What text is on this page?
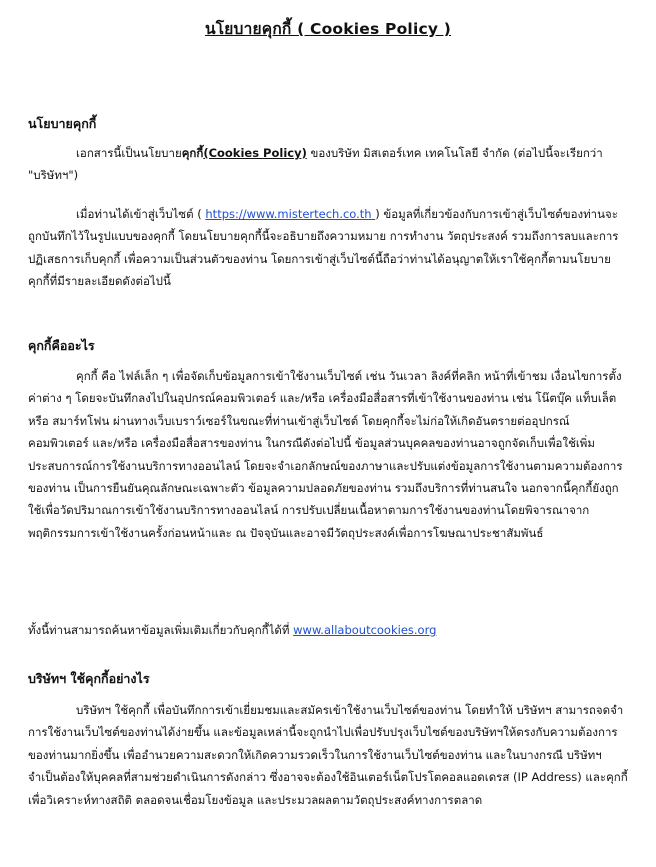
นโยบายคุกกี้ ( Cookies Policy )
นโยบายคุกกี้
เอกสารนี้เป็นนโยบายคุกกี้(Cookies Policy) ของบริษัท มิสเตอร์เทค เทคโนโลยี จำกัด (ต่อไปนี้จะเรียกว่า "บริษัทฯ")
เมื่อท่านได้เข้าสู่เว็บไซต์ ( https://www.mistertech.co.th ) ข้อมูลที่เกี่ยวข้องกับการเข้าสู่เว็บไซต์ของท่านจะถูกบันทึกไว้ในรูปแบบของคุกกี้ โดยนโยบายคุกกี้นี้จะอธิบายถึงความหมาย การทำงาน วัตถุประสงค์ รวมถึงการลบและการปฏิเสธการเก็บคุกกี้ เพื่อความเป็นส่วนตัวของท่าน โดยการเข้าสู่เว็บไซต์นี้ถือว่าท่านได้อนุญาตให้เราใช้คุกกี้ตามนโยบายคุกกี้ที่มีรายละเอียดดังต่อไปนี้
คุกกี้คืออะไร
คุกกี้ คือ ไฟล์เล็ก ๆ เพื่อจัดเก็บข้อมูลการเข้าใช้งานเว็บไซต์ เช่น วันเวลา ลิงค์ที่คลิก หน้าที่เข้าชม เงื่อนไขการตั้งค่าต่าง ๆ โดยจะบันทึกลงไปในอุปกรณ์คอมพิวเตอร์ และ/หรือ เครื่องมือสื่อสารที่เข้าใช้งานของท่าน เช่น โน๊ตบุ๊ค แท็บเล็ต หรือ สมาร์ทโฟน ผ่านทางเว็บเบราว์เซอร์ในขณะที่ท่านเข้าสู่เว็บไซต์ โดยคุกกี้จะไม่ก่อให้เกิดอันตรายต่ออุปกรณ์คอมพิวเตอร์ และ/หรือ เครื่องมือสื่อสารของท่าน ในกรณีดังต่อไปนี้ ข้อมูลส่วนบุคคลของท่านอาจถูกจัดเก็บเพื่อใช้เพิ่มประสบการณ์การใช้งานบริการทางออนไลน์ โดยจะจำเอกลักษณ์ของภาษาและปรับแต่งข้อมูลการใช้งานตามความต้องการของท่าน เป็นการยืนยันคุณลักษณะเฉพาะตัว ข้อมูลความปลอดภัยของท่าน รวมถึงบริการที่ท่านสนใจ นอกจากนี้คุกกี้ยังถูกใช้เพื่อวัดปริมาณการเข้าใช้งานบริการทางออนไลน์ การปรับเปลี่ยนเนื้อหาตามการใช้งานของท่านโดยพิจารณาจากพฤติกรรมการเข้าใช้งานครั้งก่อนหน้าและ ณ ปัจจุบันและอาจมีวัตถุประสงค์เพื่อการโฆษณาประชาสัมพันธ์
ทั้งนี้ท่านสามารถค้นหาข้อมูลเพิ่มเติมเกี่ยวกับคุกกี้ได้ที่ www.allaboutcookies.org
บริษัทฯ ใช้คุกกี้อย่างไร
บริษัทฯ ใช้คุกกี้ เพื่อบันทึกการเข้าเยี่ยมชมและสมัครเข้าใช้งานเว็บไซต์ของท่าน โดยทำให้ บริษัทฯ สามารถจดจำการใช้งานเว็บไซต์ของท่านได้ง่ายขึ้น และข้อมูลเหล่านี้จะถูกนำไปเพื่อปรับปรุงเว็บไซต์ของบริษัทฯให้ตรงกับความต้องการของท่านมากยิ่งขึ้น เพื่ออำนวยความสะดวกให้เกิดความรวดเร็วในการใช้งานเว็บไซต์ของท่าน และในบางกรณี บริษัทฯ จำเป็นต้องให้บุคคลที่สามช่วยดำเนินการดังกล่าว ซึ่งอาจจะต้องใช้อินเตอร์เน็ตโปรโตคอลแอดเดรส (IP Address) และคุกกี้เพื่อวิเคราะห์ทางสถิติ ตลอดจนเชื่อมโยงข้อมูล และประมวลผลตามวัตถุประสงค์ทางการตลาด
